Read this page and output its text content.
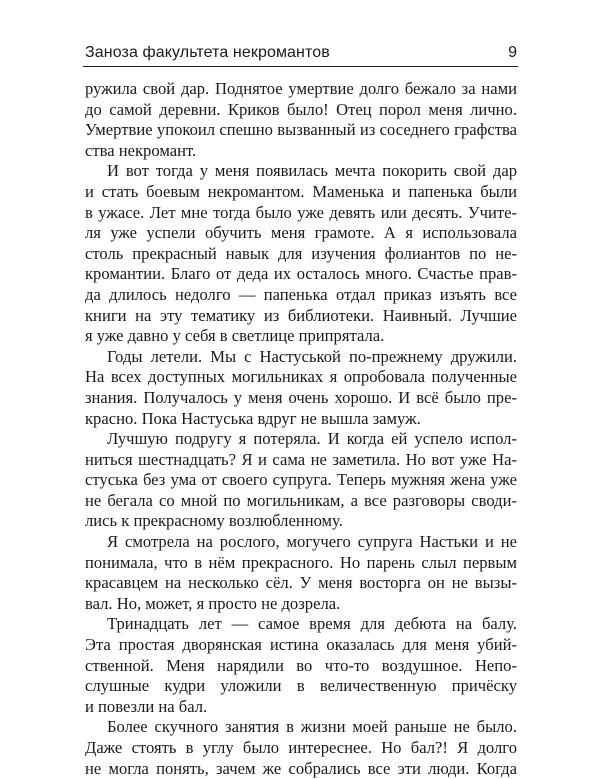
Заноза факультета некромантов	9
ружила свой дар. Поднятое умертвие долго бежало за нами
до самой деревни. Криков было! Отец порол меня лично.
Умертвие упокоил спешно вызванный из соседнего графства
ства некромант.
И вот тогда у меня появилась мечта покорить свой дар
и стать боевым некромантом. Маменька и папенька были
в ужасе. Лет мне тогда было уже девять или десять. Учите-
ля уже успели обучить меня грамоте. А я использовала
столь прекрасный навык для изучения фолиантов по не-
кромантии. Благо от деда их осталось много. Счастье прав-
да длилось недолго — папенька отдал приказ изъять все
книги на эту тематику из библиотеки. Наивный. Лучшие
я уже давно у себя в светлице припрятала.
Годы летели. Мы с Настуськой по-прежнему дружили.
На всех доступных могильниках я опробовала полученные
знания. Получалось у меня очень хорошо. И всё было пре-
красно. Пока Настуська вдруг не вышла замуж.
Лучшую подругу я потеряла. И когда ей успело испол-
ниться шестнадцать? Я и сама не заметила. Но вот уже На-
стуська без ума от своего супруга. Теперь мужняя жена уже
не бегала со мной по могильникам, а все разговоры своди-
лись к прекрасному возлюбленному.
Я смотрела на рослого, могучего супруга Настьки и не
понимала, что в нём прекрасного. Но парень слыл первым
красавцем на несколько сёл. У меня восторга он не вызы-
вал. Но, может, я просто не дозрела.
Тринадцать лет — самое время для дебюта на балу.
Эта простая дворянская истина оказалась для меня убий-
ственной. Меня нарядили во что-то воздушное. Непо-
слушные кудри уложили в величественную причёску
и повезли на бал.
Более скучного занятия в жизни моей раньше не было.
Даже стоять в углу было интереснее. Но бал?! Я долго
не могла понять, зачем же собрались все эти люди. Когда
